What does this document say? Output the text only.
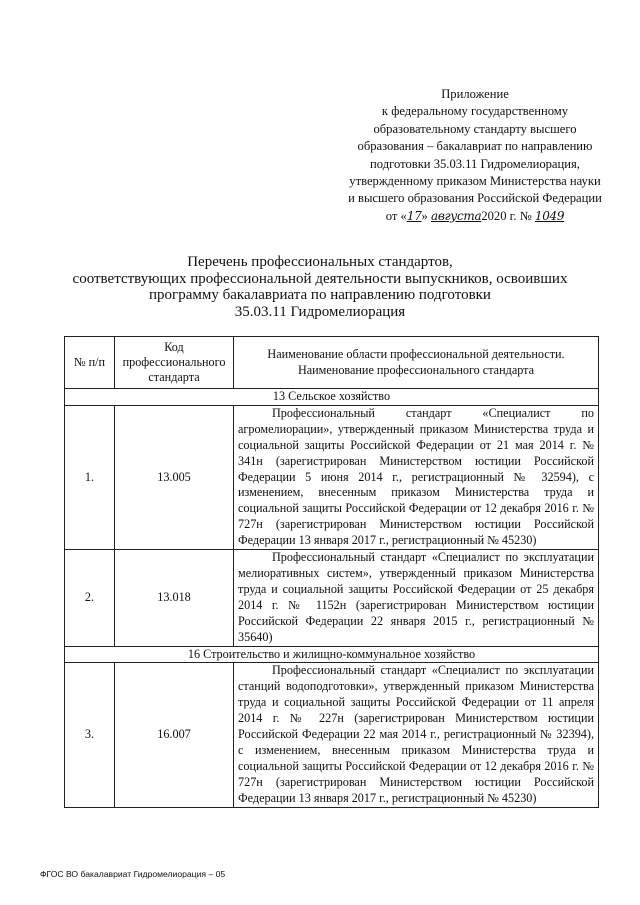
Приложение
к федеральному государственному
образовательному стандарту высшего
образования – бакалавриат по направлению
подготовки 35.03.11 Гидромелиорация,
утвержденному приказом Министерства науки
и высшего образования Российской Федерации
от «17» августа2020 г. № 1049
Перечень профессиональных стандартов,
соответствующих профессиональной деятельности выпускников, освоивших
программу бакалавриата по направлению подготовки
35.03.11 Гидромелиорация
№ п/п	Код профессионального стандарта	Наименование области профессиональной деятельности. Наименование профессионального стандарта
13 Сельское хозяйство		
1.	13.005	Профессиональный стандарт «Специалист по агромелиорации», утвержденный приказом Министерства труда и социальной защиты Российской Федерации от 21 мая 2014 г. № 341н (зарегистрирован Министерством юстиции Российской Федерации 5 июня 2014 г., регистрационный № 32594), с изменением, внесенным приказом Министерства труда и социальной защиты Российской Федерации от 12 декабря 2016 г. № 727н (зарегистрирован Министерством юстиции Российской Федерации 13 января 2017 г., регистрационный № 45230)

2.	13.018	Профессиональный стандарт «Специалист по эксплуатации мелиоративных систем», утвержденный приказом Министерства труда и социальной защиты Российской Федерации от 25 декабря 2014 г. № 1152н (зарегистрирован Министерством юстиции Российской Федерации 22 января 2015 г., регистрационный № 35640)

16 Строительство и жилищно-коммунальное хозяйство		
3.	16.007	Профессиональный стандарт «Специалист по эксплуатации станций водоподготовки», утвержденный приказом Министерства труда и социальной защиты Российской Федерации от 11 апреля 2014 г. № 227н (зарегистрирован Министерством юстиции Российской Федерации 22 мая 2014 г., регистрационный № 32394), с изменением, внесенным приказом Министерства труда и социальной защиты Российской Федерации от 12 декабря 2016 г. № 727н (зарегистрирован Министерством юстиции Российской Федерации 13 января 2017 г., регистрационный № 45230)
ФГОС ВО бакалавриат Гидромелиорация – 05
